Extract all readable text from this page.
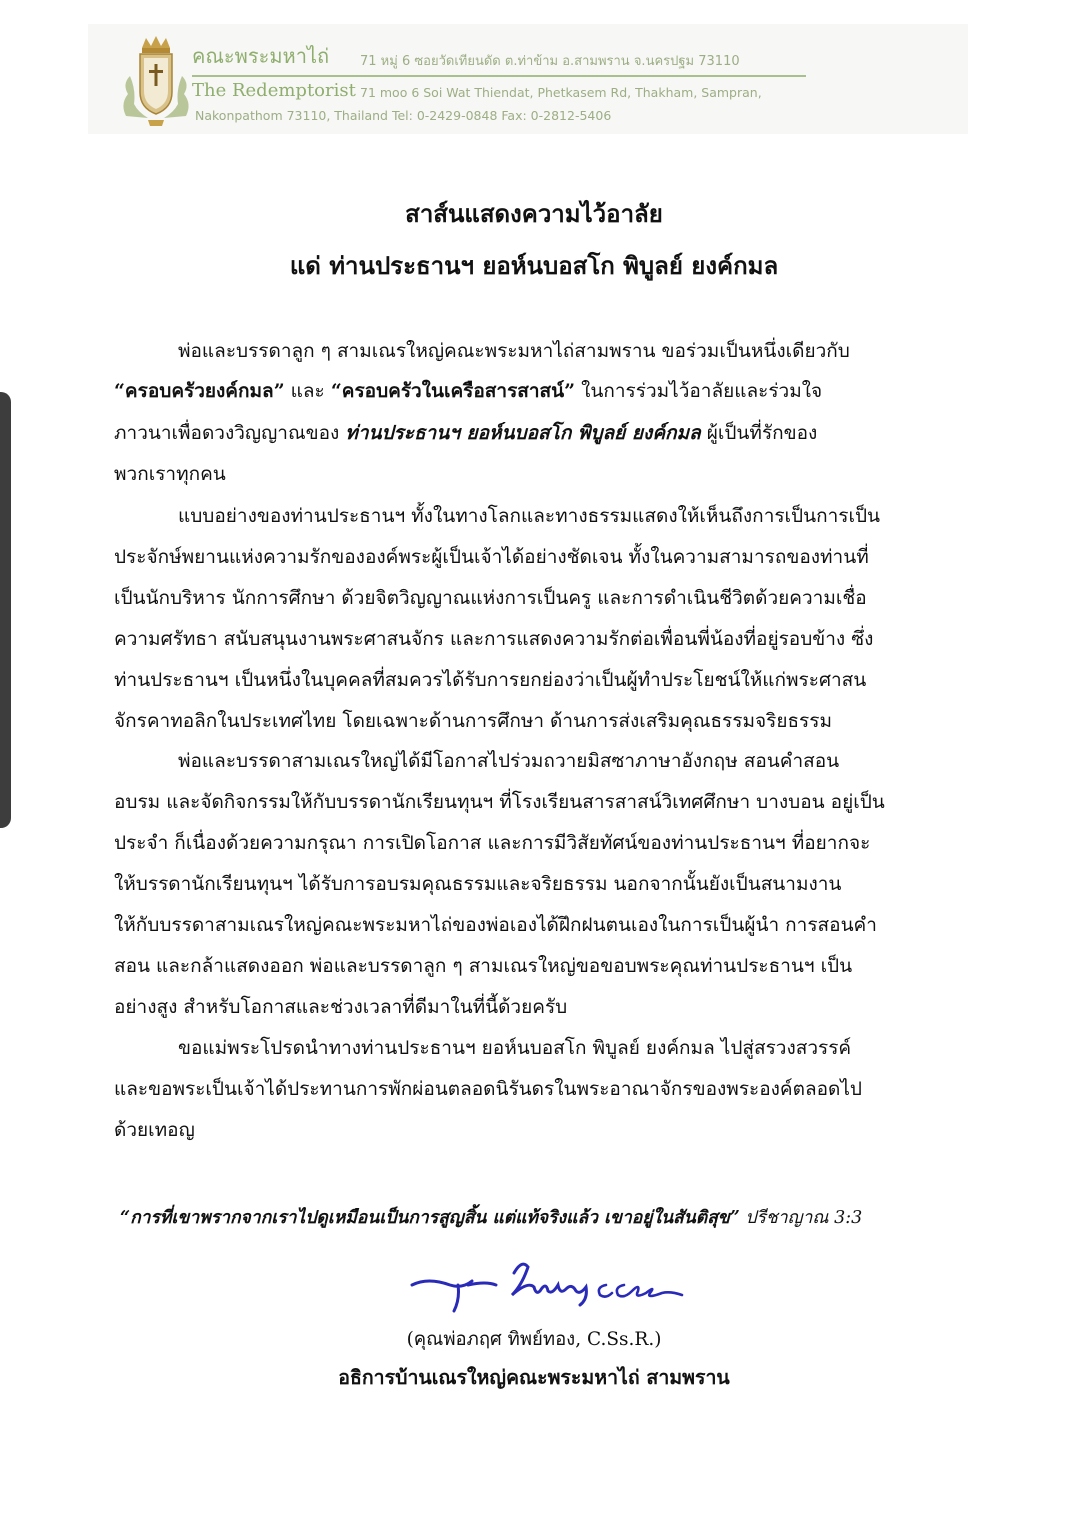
คณะพระมหาไถ่ 71 หมู่ 6 ซอยวัดเทียนดัด ต.ท่าข้าม อ.สามพราน จ.นครปฐม 73110
The Redemptorist 71 moo 6 Soi Wat Thiendat, Phetkasem Rd, Thakham, Sampran,
Nakonpathom 73110, Thailand Tel: 0-2429-0848 Fax: 0-2812-5406
สาส์นแสดงความไว้อาลัย
แด่ ท่านประธานฯ ยอห์นบอสโก พิบูลย์ ยงค์กมล
พ่อและบรรดาลูก ๆ สามเณรใหญ่คณะพระมหาไถ่สามพราน ขอร่วมเป็นหนึ่งเดียวกับ
“ครอบครัวยงค์กมล” และ “ครอบครัวในเครือสารสาสน์” ในการร่วมไว้อาลัยและร่วมใจ
ภาวนาเพื่อดวงวิญญาณของ ท่านประธานฯ ยอห์นบอสโก พิบูลย์ ยงค์กมล ผู้เป็นที่รักของ
พวกเราทุกคน
แบบอย่างของท่านประธานฯ ทั้งในทางโลกและทางธรรมแสดงให้เห็นถึงการเป็นการเป็น
ประจักษ์พยานแห่งความรักขององค์พระผู้เป็นเจ้าได้อย่างชัดเจน ทั้งในความสามารถของท่านที่
เป็นนักบริหาร นักการศึกษา ด้วยจิตวิญญาณแห่งการเป็นครู และการดำเนินชีวิตด้วยความเชื่อ
ความศรัทธา สนับสนุนงานพระศาสนจักร และการแสดงความรักต่อเพื่อนพี่น้องที่อยู่รอบข้าง ซึ่ง
ท่านประธานฯ เป็นหนึ่งในบุคคลที่สมควรได้รับการยกย่องว่าเป็นผู้ทำประโยชน์ให้แก่พระศาสน
จักรคาทอลิกในประเทศไทย โดยเฉพาะด้านการศึกษา ด้านการส่งเสริมคุณธรรมจริยธรรม
พ่อและบรรดาสามเณรใหญ่ได้มีโอกาสไปร่วมถวายมิสซาภาษาอังกฤษ สอนคำสอน
อบรม และจัดกิจกรรมให้กับบรรดานักเรียนทุนฯ ที่โรงเรียนสารสาสน์วิเทศศึกษา บางบอน อยู่เป็น
ประจำ ก็เนื่องด้วยความกรุณา การเปิดโอกาส และการมีวิสัยทัศน์ของท่านประธานฯ ที่อยากจะ
ให้บรรดานักเรียนทุนฯ ได้รับการอบรมคุณธรรมและจริยธรรม นอกจากนั้นยังเป็นสนามงาน
ให้กับบรรดาสามเณรใหญ่คณะพระมหาไถ่ของพ่อเองได้ฝึกฝนตนเองในการเป็นผู้นำ การสอนคำ
สอน และกล้าแสดงออก พ่อและบรรดาลูก ๆ สามเณรใหญ่ขอขอบพระคุณท่านประธานฯ เป็น
อย่างสูง สำหรับโอกาสและช่วงเวลาที่ดีมาในที่นี้ด้วยครับ
ขอแม่พระโปรดนำทางท่านประธานฯ ยอห์นบอสโก พิบูลย์ ยงค์กมล ไปสู่สรวงสวรรค์
และขอพระเป็นเจ้าได้ประทานการพักผ่อนตลอดนิรันดรในพระอาณาจักรของพระองค์ตลอดไป
ด้วยเทอญ
“การที่เขาพรากจากเราไปดูเหมือนเป็นการสูญสิ้น แต่แท้จริงแล้ว เขาอยู่ในสันติสุข” ปรีชาญาณ 3:3
(คุณพ่อภฤศ ทิพย์ทอง, C.Ss.R.)
อธิการบ้านเณรใหญ่คณะพระมหาไถ่ สามพราน
